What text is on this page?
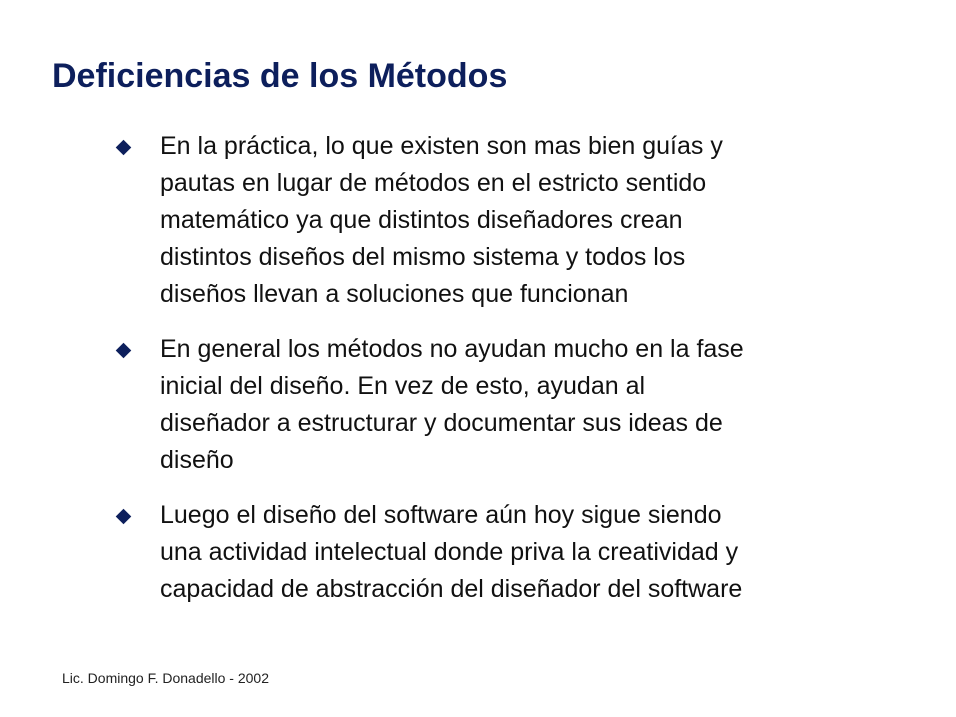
Deficiencias de los Métodos
En la práctica, lo que existen son mas bien guías y
pautas en lugar de métodos en el estricto sentido
matemático ya que distintos diseñadores crean
distintos diseños del mismo sistema y todos los
diseños llevan a soluciones que funcionan
En general los métodos no ayudan mucho en la fase
inicial del diseño. En vez de esto, ayudan al
diseñador a estructurar y documentar sus ideas de
diseño
Luego el diseño del software aún hoy sigue siendo
una actividad intelectual donde priva la creatividad y
capacidad de abstracción del diseñador del software
Lic. Domingo F. Donadello - 2002
